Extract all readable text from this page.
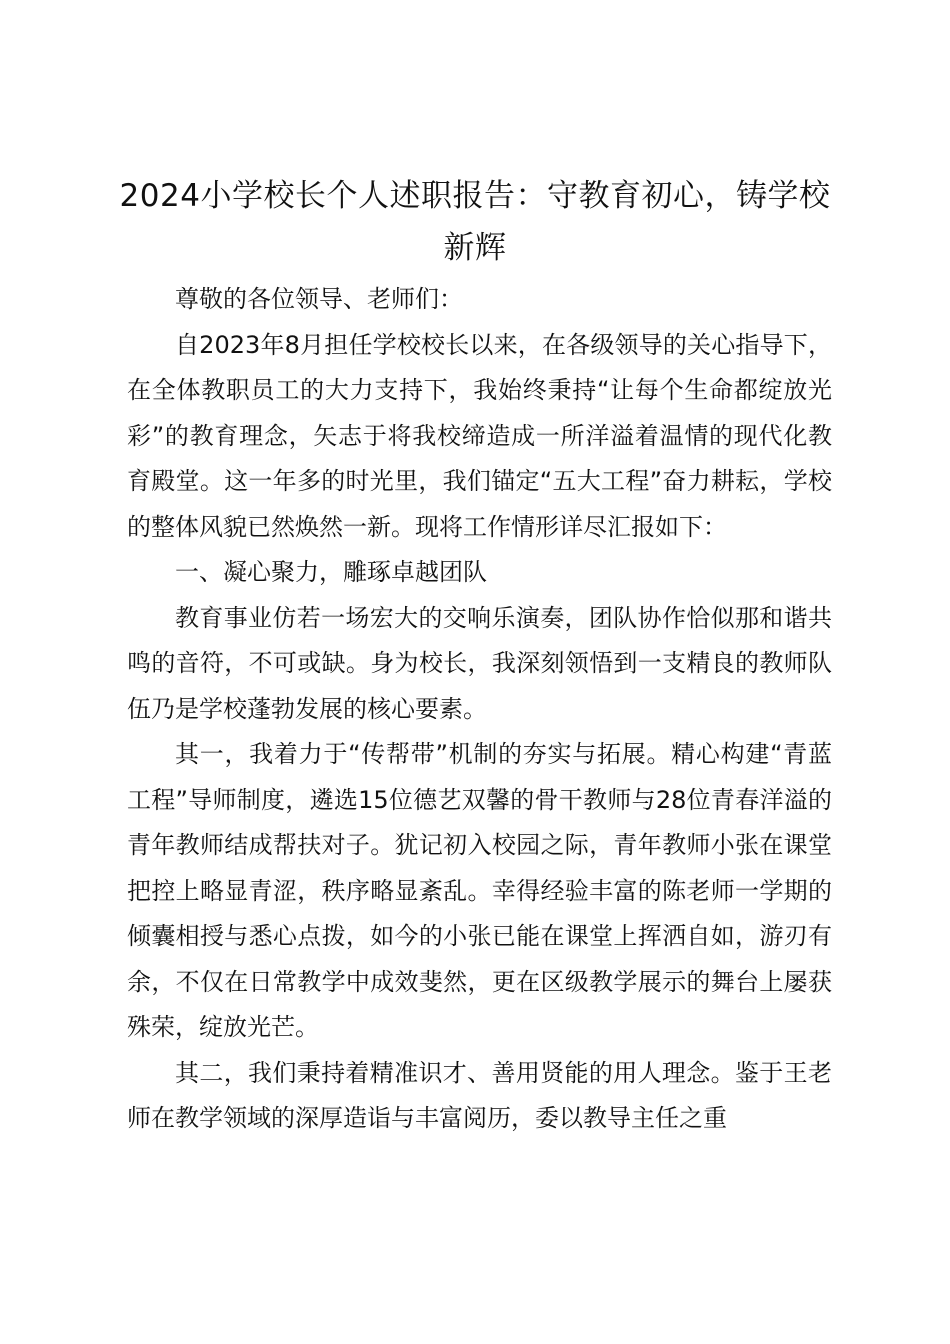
2024小学校长个人述职报告：守教育初心，铸学校新辉

尊敬的各位领导、老师们：

自2023年8月担任学校校长以来，在各级领导的关心指导下，在全体教职员工的大力支持下，我始终秉持“让每个生命都绽放光彩”的教育理念，矢志于将我校缔造成一所洋溢着温情的现代化教育殿堂。这一年多的时光里，我们锚定“五大工程”奋力耕耘，学校的整体风貌已然焕然一新。现将工作情形详尽汇报如下：

一、凝心聚力，雕琢卓越团队

教育事业仿若一场宏大的交响乐演奏，团队协作恰似那和谐共鸣的音符，不可或缺。身为校长，我深刻领悟到一支精良的教师队伍乃是学校蓬勃发展的核心要素。

其一，我着力于“传帮带”机制的夯实与拓展。精心构建“青蓝工程”导师制度，遴选15位德艺双馨的骨干教师与28位青春洋溢的青年教师结成帮扶对子。犹记初入校园之际，青年教师小张在课堂把控上略显青涩，秩序略显紊乱。幸得经验丰富的陈老师一学期的倾囊相授与悉心点拨，如今的小张已能在课堂上挥洒自如，游刃有余，不仅在日常教学中成效斐然，更在区级教学展示的舞台上屡获殊荣，绽放光芒。

其二，我们秉持着精准识才、善用贤能的用人理念。鉴于王老师在教学领域的深厚造诣与丰富阅历，委以教导主任之重
